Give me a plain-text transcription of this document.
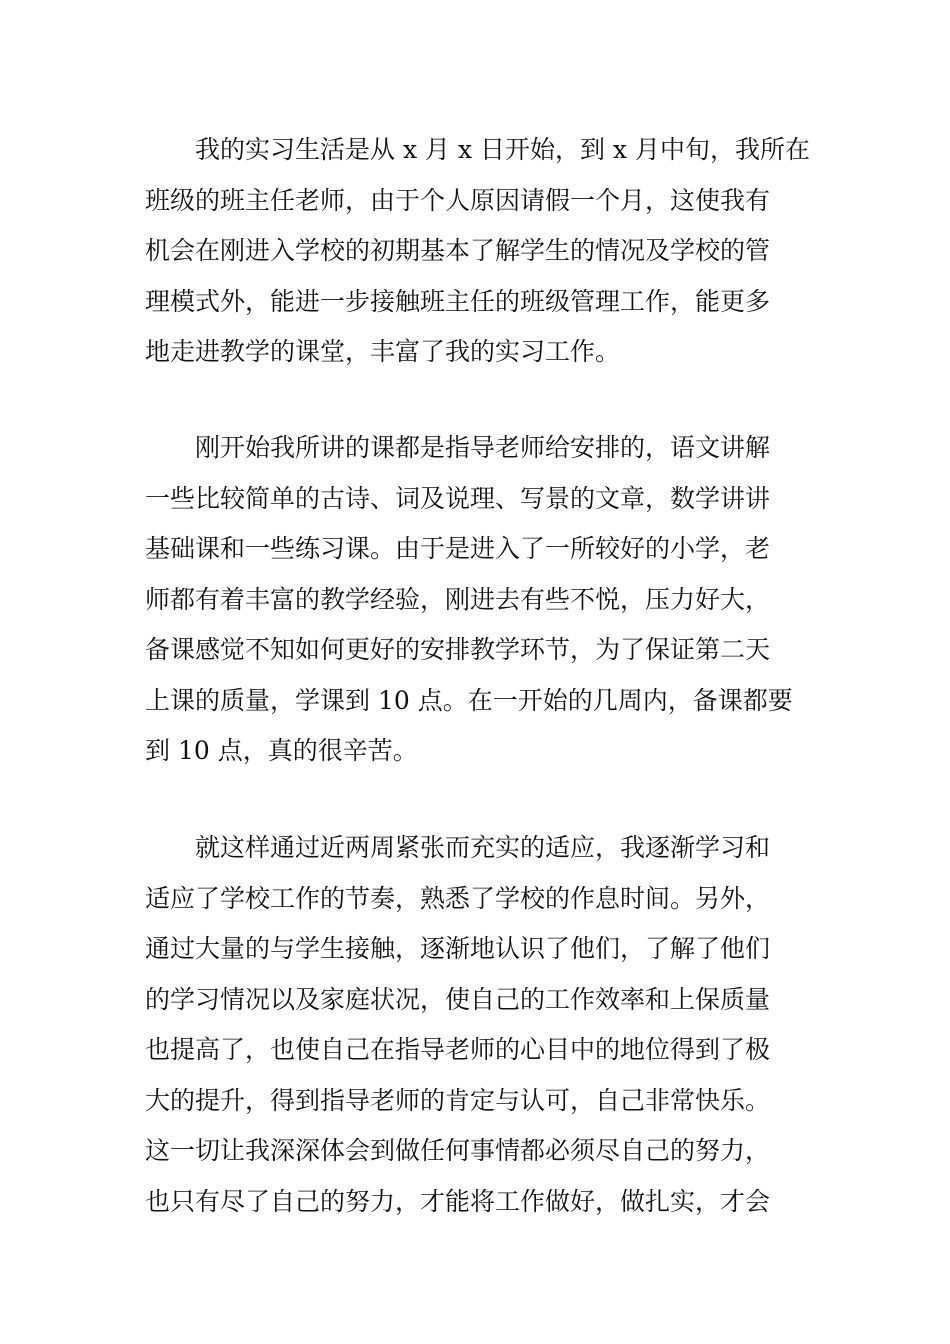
我的实习生活是从 x 月 x 日开始，到 x 月中旬，我所在
班级的班主任老师，由于个人原因请假一个月，这使我有
机会在刚进入学校的初期基本了解学生的情况及学校的管
理模式外，能进一步接触班主任的班级管理工作，能更多
地走进教学的课堂，丰富了我的实习工作。
刚开始我所讲的课都是指导老师给安排的，语文讲解
一些比较简单的古诗、词及说理、写景的文章，数学讲讲
基础课和一些练习课。由于是进入了一所较好的小学，老
师都有着丰富的教学经验，刚进去有些不悦，压力好大，
备课感觉不知如何更好的安排教学环节，为了保证第二天
上课的质量，学课到 10 点。在一开始的几周内，备课都要
到 10 点，真的很辛苦。
就这样通过近两周紧张而充实的适应，我逐渐学习和
适应了学校工作的节奏，熟悉了学校的作息时间。另外，
通过大量的与学生接触，逐渐地认识了他们，了解了他们
的学习情况以及家庭状况，使自己的工作效率和上保质量
也提高了，也使自己在指导老师的心目中的地位得到了极
大的提升，得到指导老师的肯定与认可，自己非常快乐。
这一切让我深深体会到做任何事情都必须尽自己的努力，
也只有尽了自己的努力，才能将工作做好，做扎实，才会
